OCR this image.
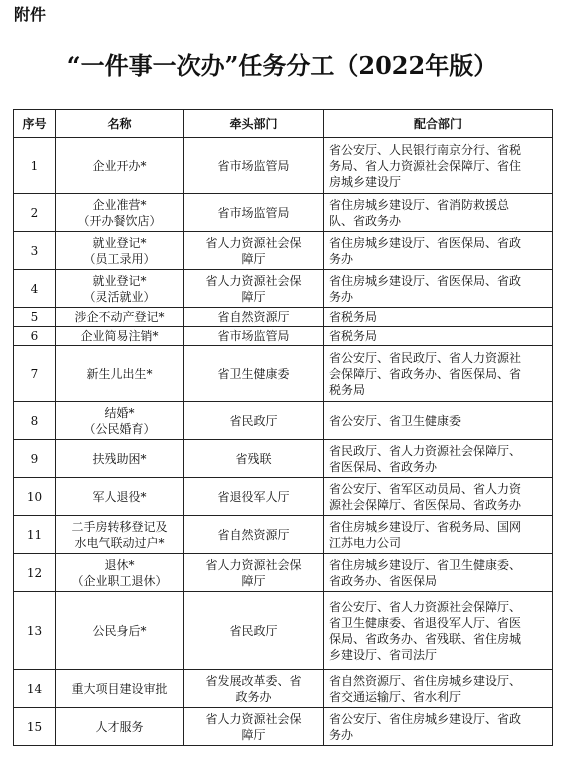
附件
“一件事一次办”任务分工（2022年版）
序号	名称	牵头部门	配合部门
1	企业开办*	省市场监管局	省公安厅、人民银行南京分行、省税
务局、省人力资源社会保障厅、省住
房城乡建设厅

2	企业准营*
（开办餐饮店）	省市场监管局	省住房城乡建设厅、省消防救援总
队、省政务办

3	就业登记*
（员工录用）	省人力资源社会保
障厅	省住房城乡建设厅、省医保局、省政
务办

4	就业登记*
（灵活就业）	省人力资源社会保
障厅	省住房城乡建设厅、省医保局、省政
务办

5	涉企不动产登记*	省自然资源厅	省税务局

6	企业简易注销*	省市场监管局	省税务局

7	新生儿出生*	省卫生健康委	省公安厅、省民政厅、省人力资源社
会保障厅、省政务办、省医保局、省
税务局

8	结婚*
（公民婚育）	省民政厅	省公安厅、省卫生健康委

9	扶残助困*	省残联	省民政厅、省人力资源社会保障厅、
省医保局、省政务办

10	军人退役*	省退役军人厅	省公安厅、省军区动员局、省人力资
源社会保障厅、省医保局、省政务办

11	二手房转移登记及
水电气联动过户*	省自然资源厅	省住房城乡建设厅、省税务局、国网
江苏电力公司

12	退休*
（企业职工退休）	省人力资源社会保
障厅	省住房城乡建设厅、省卫生健康委、
省政务办、省医保局

13	公民身后*	省民政厅	省公安厅、省人力资源社会保障厅、
省卫生健康委、省退役军人厅、省医
保局、省政务办、省残联、省住房城
乡建设厅、省司法厅

14	重大项目建设审批	省发展改革委、省
政务办	省自然资源厅、省住房城乡建设厅、
省交通运输厅、省水利厅

15	人才服务	省人力资源社会保
障厅	省公安厅、省住房城乡建设厅、省政
务办
